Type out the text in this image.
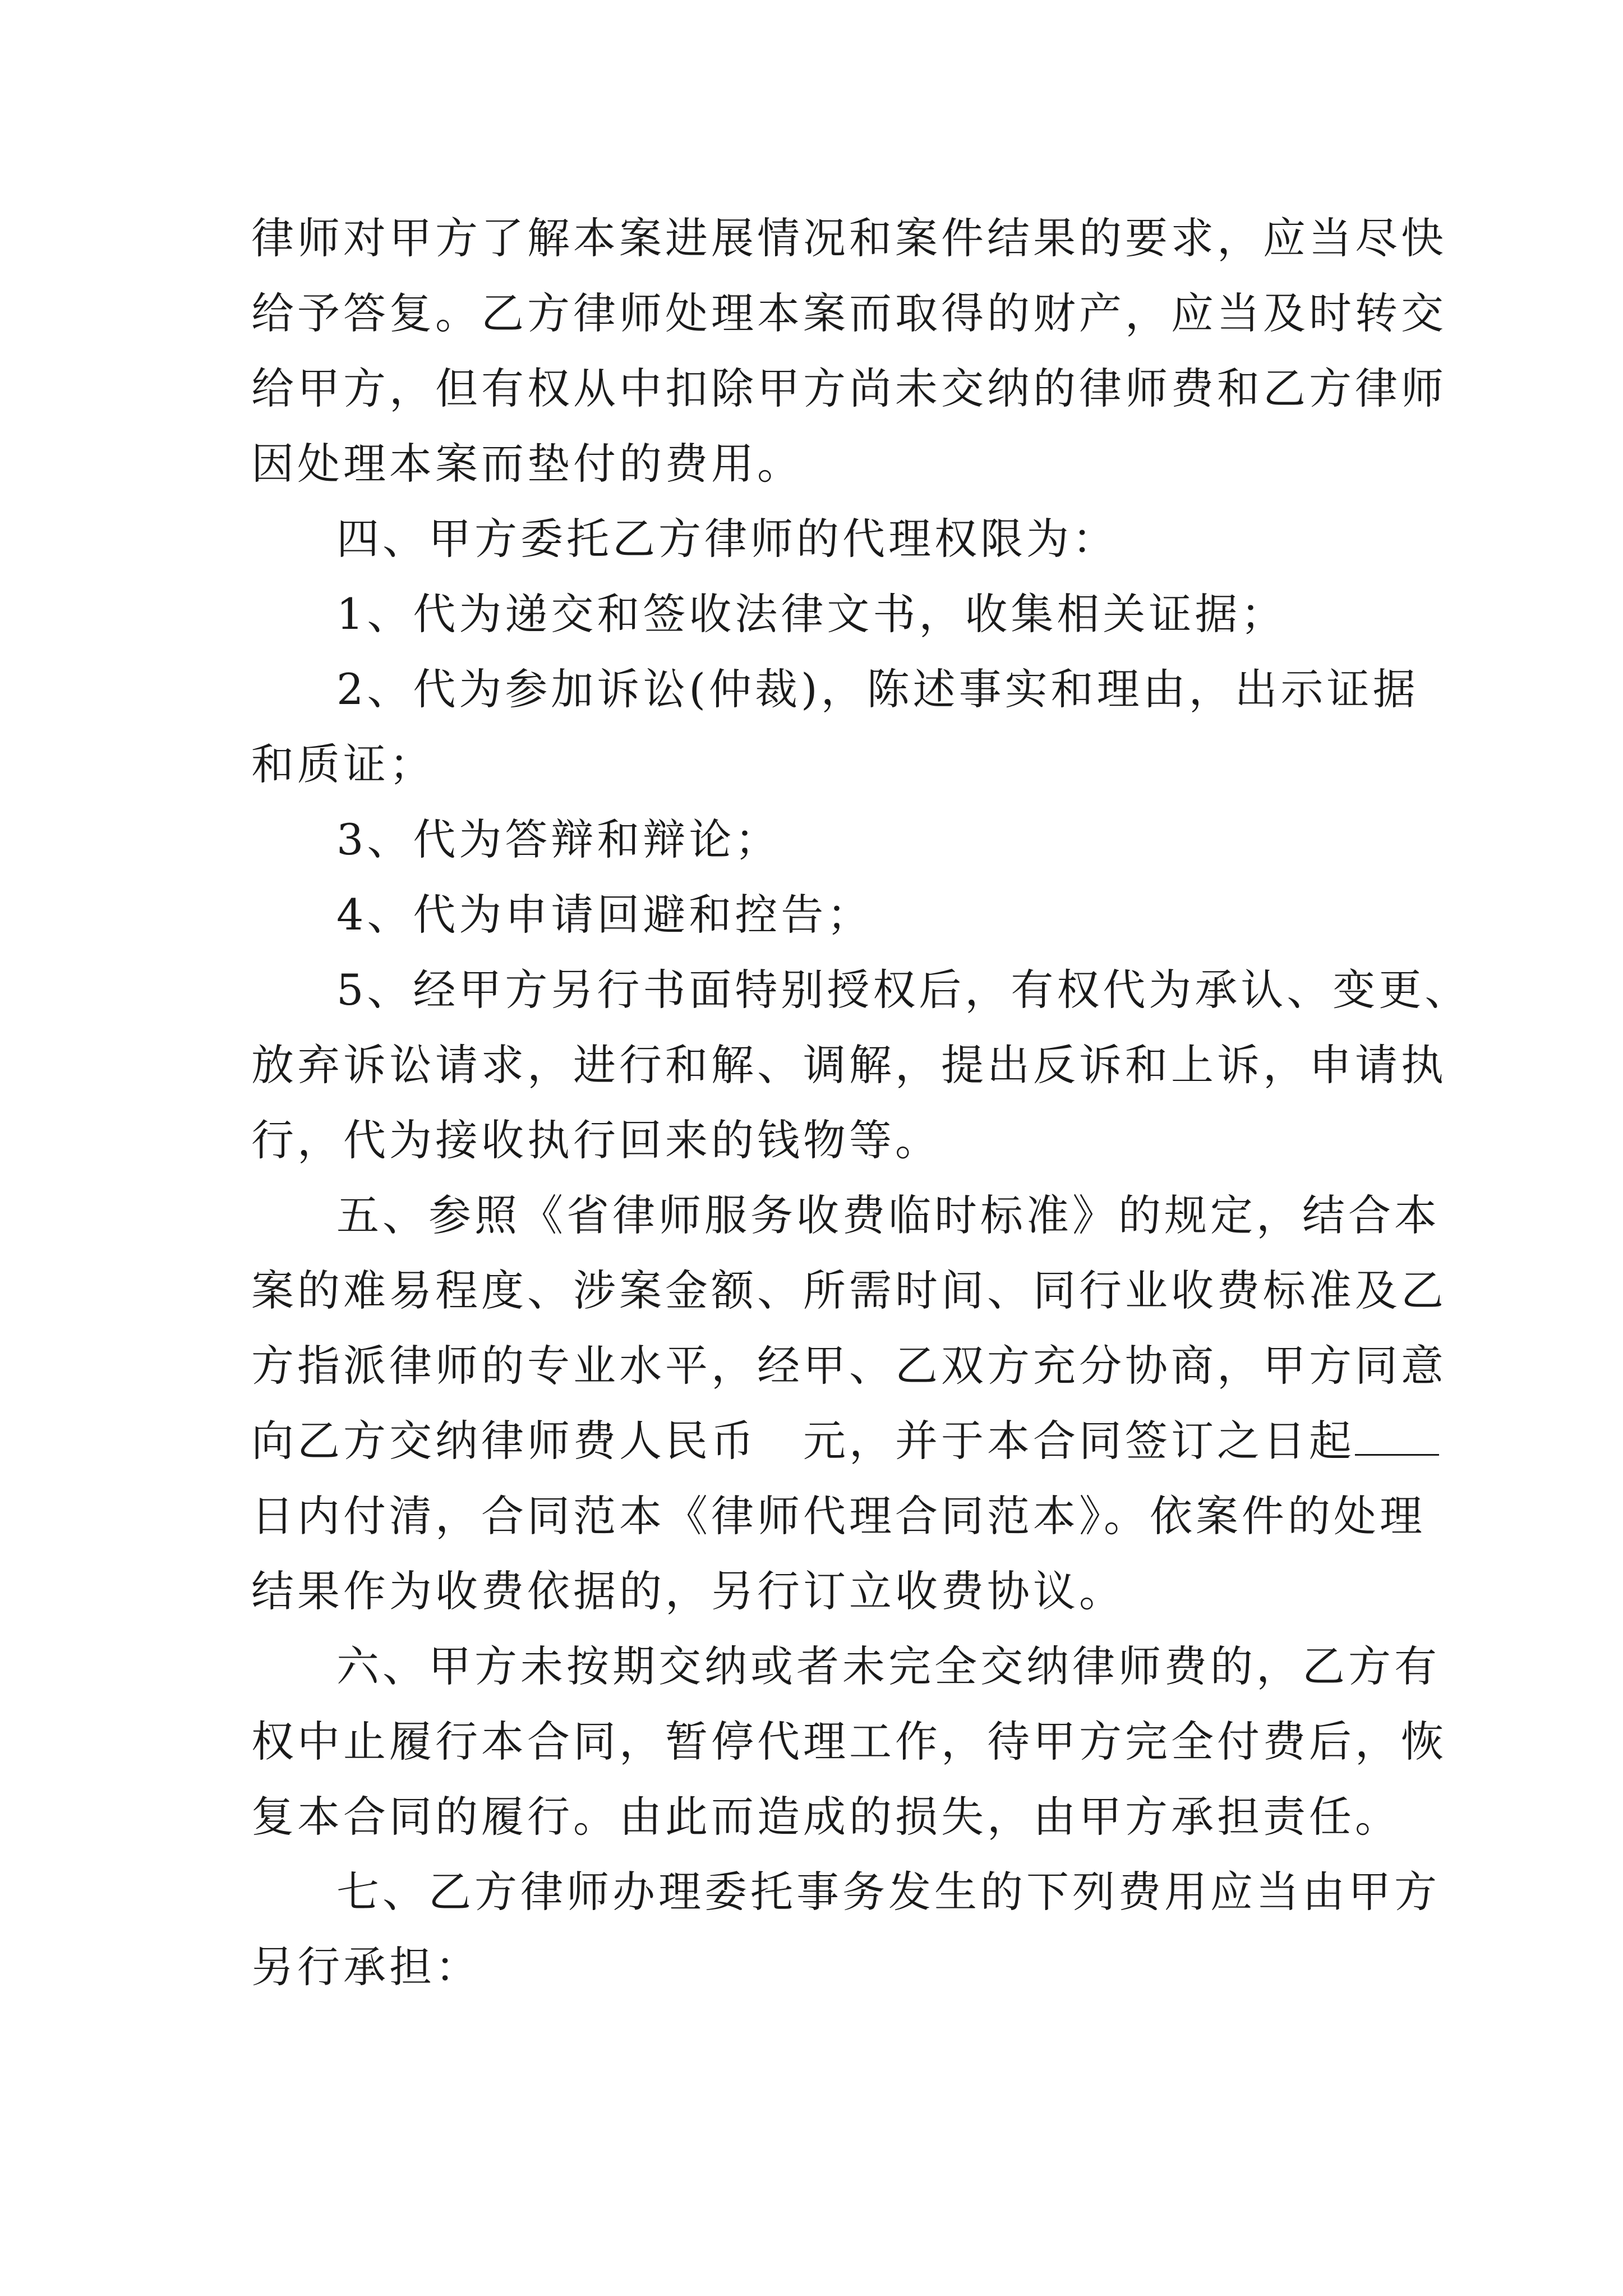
律师对甲方了解本案进展情况和案件结果的要求，应当尽快
给予答复。乙方律师处理本案而取得的财产，应当及时转交
给甲方，但有权从中扣除甲方尚未交纳的律师费和乙方律师
因处理本案而垫付的费用。
四、甲方委托乙方律师的代理权限为：
1、代为递交和签收法律文书，收集相关证据；
2、代为参加诉讼(仲裁)，陈述事实和理由，出示证据
和质证；
3、代为答辩和辩论；
4、代为申请回避和控告；
5、经甲方另行书面特别授权后，有权代为承认、变更、
放弃诉讼请求，进行和解、调解，提出反诉和上诉，申请执
行，代为接收执行回来的钱物等。
五、参照《省律师服务收费临时标准》的规定，结合本
案的难易程度、涉案金额、所需时间、同行业收费标准及乙
方指派律师的专业水平，经甲、乙双方充分协商，甲方同意
向乙方交纳律师费人民币　元，并于本合同签订之日起
日内付清，合同范本《律师代理合同范本》。依案件的处理
结果作为收费依据的，另行订立收费协议。
六、甲方未按期交纳或者未完全交纳律师费的，乙方有
权中止履行本合同，暂停代理工作，待甲方完全付费后，恢
复本合同的履行。由此而造成的损失，由甲方承担责任。
七、乙方律师办理委托事务发生的下列费用应当由甲方
另行承担：
